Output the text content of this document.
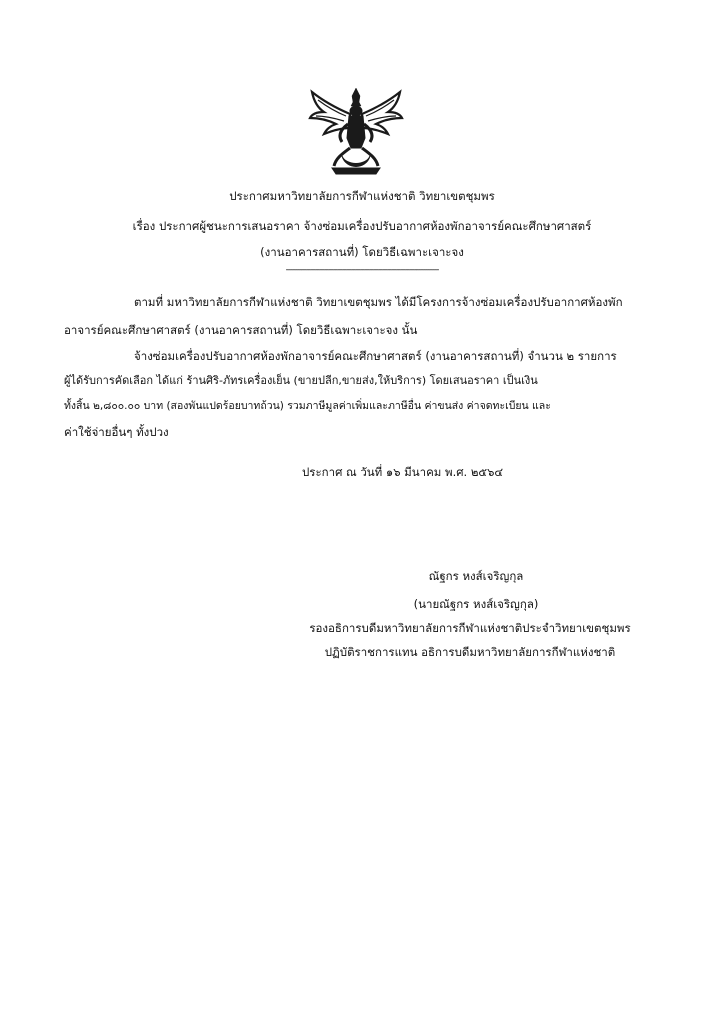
ประกาศมหาวิทยาลัยการกีฬาแห่งชาติ วิทยาเขตชุมพร
เรื่อง ประกาศผู้ชนะการเสนอราคา จ้างซ่อมเครื่องปรับอากาศห้องพักอาจารย์คณะศึกษาศาสตร์
(งานอาคารสถานที่) โดยวิธีเฉพาะเจาะจง
--------------------------------------------------------------------
ตามที่ มหาวิทยาลัยการกีฬาแห่งชาติ วิทยาเขตชุมพร ได้มีโครงการจ้างซ่อมเครื่องปรับอากาศห้องพัก
อาจารย์คณะศึกษาศาสตร์ (งานอาคารสถานที่) โดยวิธีเฉพาะเจาะจง นั้น
จ้างซ่อมเครื่องปรับอากาศห้องพักอาจารย์คณะศึกษาศาสตร์ (งานอาคารสถานที่) จำนวน ๒ รายการ
ผู้ได้รับการคัดเลือก ได้แก่ ร้านศิริ-ภัทรเครื่องเย็น (ขายปลีก,ขายส่ง,ให้บริการ) โดยเสนอราคา เป็นเงิน
ทั้งสิ้น ๒,๘๐๐.๐๐ บาท (สองพันแปดร้อยบาทถ้วน) รวมภาษีมูลค่าเพิ่มและภาษีอื่น ค่าขนส่ง ค่าจดทะเบียน และ
ค่าใช้จ่ายอื่นๆ ทั้งปวง
ประกาศ ณ วันที่ ๑๖ มีนาคม พ.ศ. ๒๕๖๔
ณัฐกร หงส์เจริญกุล
(นายณัฐกร หงส์เจริญกุล)
รองอธิการบดีมหาวิทยาลัยการกีฬาแห่งชาติประจำวิทยาเขตชุมพร
ปฏิบัติราชการแทน อธิการบดีมหาวิทยาลัยการกีฬาแห่งชาติ
